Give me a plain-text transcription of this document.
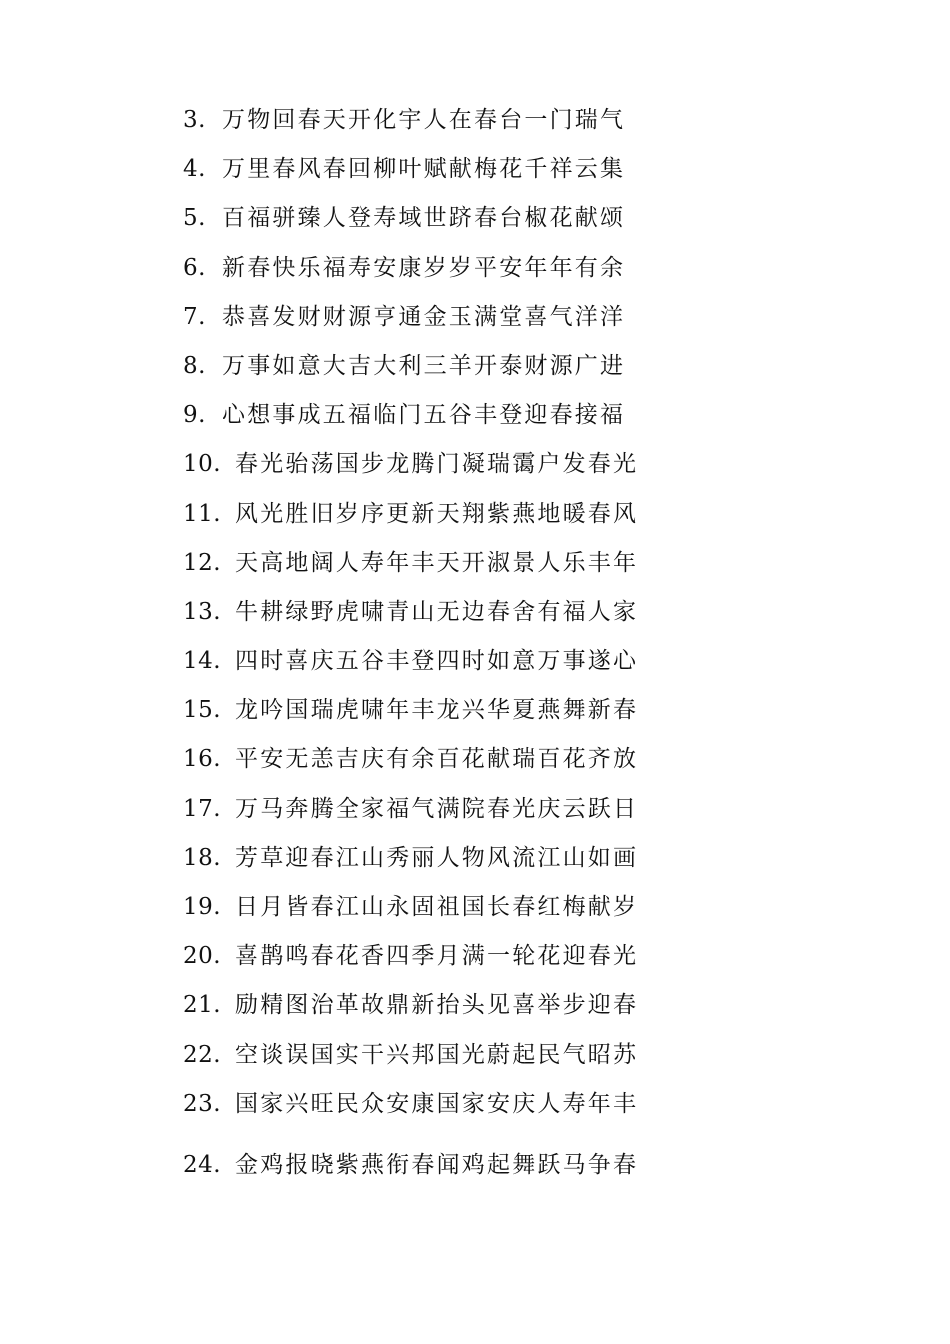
3. 万物回春天开化宇人在春台一门瑞气
4. 万里春风春回柳叶赋献梅花千祥云集
5. 百福骈臻人登寿域世跻春台椒花献颂
6. 新春快乐福寿安康岁岁平安年年有余
7. 恭喜发财财源亨通金玉满堂喜气洋洋
8. 万事如意大吉大利三羊开泰财源广进
9. 心想事成五福临门五谷丰登迎春接福
10. 春光骀荡国步龙腾门凝瑞霭户发春光
11. 风光胜旧岁序更新天翔紫燕地暖春风
12. 天高地阔人寿年丰天开淑景人乐丰年
13. 牛耕绿野虎啸青山无边春舍有福人家
14. 四时喜庆五谷丰登四时如意万事遂心
15. 龙吟国瑞虎啸年丰龙兴华夏燕舞新春
16. 平安无恙吉庆有余百花献瑞百花齐放
17. 万马奔腾全家福气满院春光庆云跃日
18. 芳草迎春江山秀丽人物风流江山如画
19. 日月皆春江山永固祖国长春红梅献岁
20. 喜鹊鸣春花香四季月满一轮花迎春光
21. 励精图治革故鼎新抬头见喜举步迎春
22. 空谈误国实干兴邦国光蔚起民气昭苏
23. 国家兴旺民众安康国家安庆人寿年丰
24. 金鸡报晓紫燕衔春闻鸡起舞跃马争春
